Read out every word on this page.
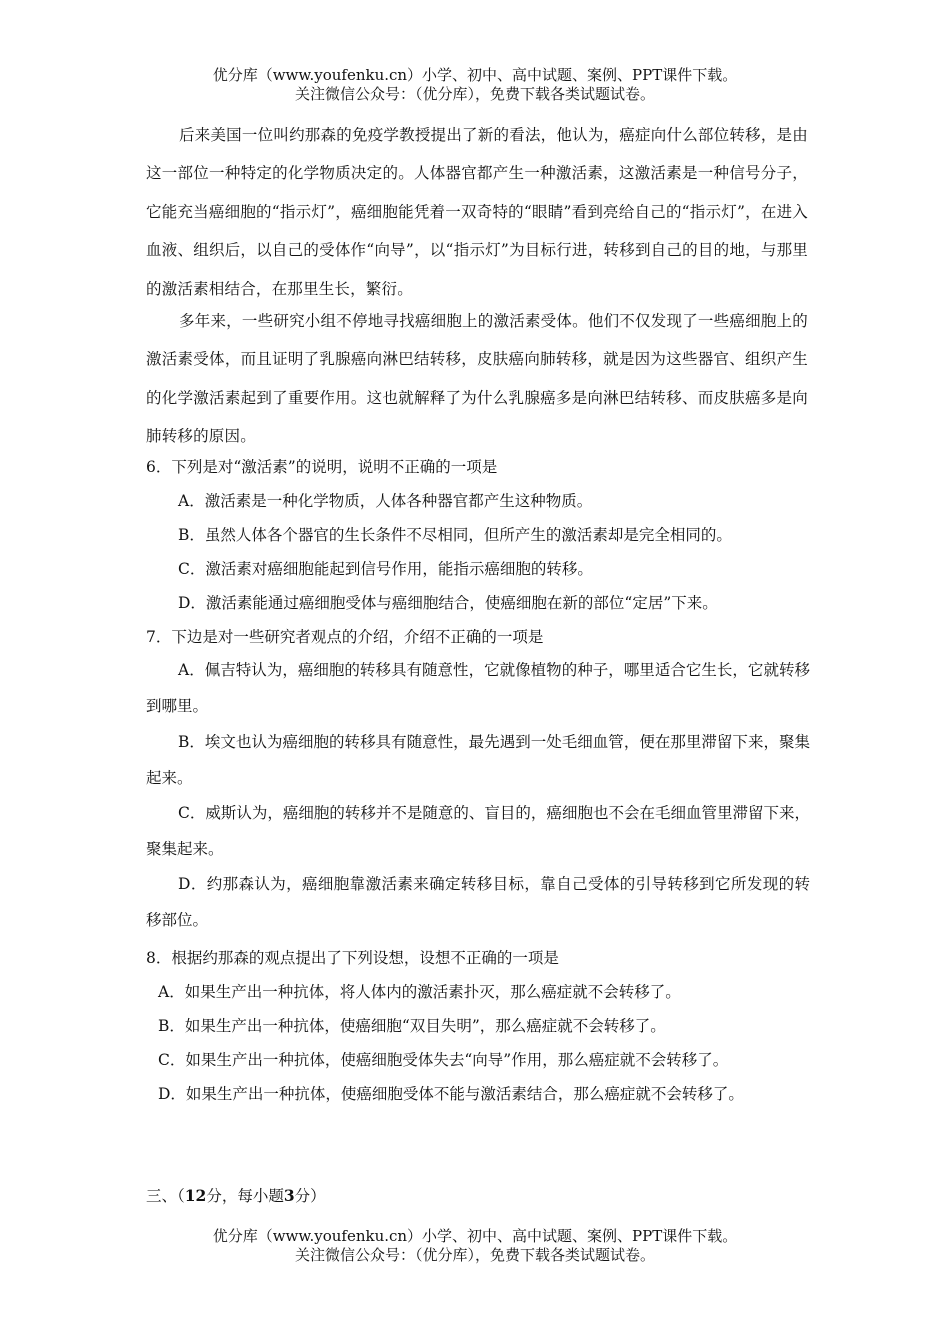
优分库（www.youfenku.cn）小学、初中、高中试题、案例、PPT课件下载。
关注微信公众号：（优分库），免费下载各类试题试卷。
后来美国一位叫约那森的免疫学教授提出了新的看法，他认为，癌症向什么部位转移，是由这一部位一种特定的化学物质决定的。人体器官都产生一种激活素，这激活素是一种信号分子，它能充当癌细胞的“指示灯”，癌细胞能凭着一双奇特的“眼睛”看到亮给自己的“指示灯”，在进入血液、组织后，以自己的受体作“向导”，以“指示灯”为目标行进，转移到自己的目的地，与那里的激活素相结合，在那里生长，繁衍。
多年来，一些研究小组不停地寻找癌细胞上的激活素受体。他们不仅发现了一些癌细胞上的激活素受体，而且证明了乳腺癌向淋巴结转移，皮肤癌向肺转移，就是因为这些器官、组织产生的化学激活素起到了重要作用。这也就解释了为什么乳腺癌多是向淋巴结转移、而皮肤癌多是向肺转移的原因。
6．下列是对“激活素”的说明，说明不正确的一项是
A．激活素是一种化学物质，人体各种器官都产生这种物质。
B．虽然人体各个器官的生长条件不尽相同，但所产生的激活素却是完全相同的。
C．激活素对癌细胞能起到信号作用，能指示癌细胞的转移。
D．激活素能通过癌细胞受体与癌细胞结合，使癌细胞在新的部位“定居”下来。
7．下边是对一些研究者观点的介绍，介绍不正确的一项是
A．佩吉特认为，癌细胞的转移具有随意性，它就像植物的种子，哪里适合它生长，它就转移到哪里。
B．埃文也认为癌细胞的转移具有随意性，最先遇到一处毛细血管，便在那里滞留下来，聚集起来。
C．威斯认为，癌细胞的转移并不是随意的、盲目的，癌细胞也不会在毛细血管里滞留下来，聚集起来。
D．约那森认为，癌细胞靠激活素来确定转移目标，靠自己受体的引导转移到它所发现的转移部位。
8．根据约那森的观点提出了下列设想，设想不正确的一项是
A．如果生产出一种抗体，将人体内的激活素扑灭，那么癌症就不会转移了。
B．如果生产出一种抗体，使癌细胞“双目失明”，那么癌症就不会转移了。
C．如果生产出一种抗体，使癌细胞受体失去“向导”作用，那么癌症就不会转移了。
D．如果生产出一种抗体，使癌细胞受体不能与激活素结合，那么癌症就不会转移了。
三、（12分，每小题3分）
优分库（www.youfenku.cn）小学、初中、高中试题、案例、PPT课件下载。
关注微信公众号：（优分库），免费下载各类试题试卷。
